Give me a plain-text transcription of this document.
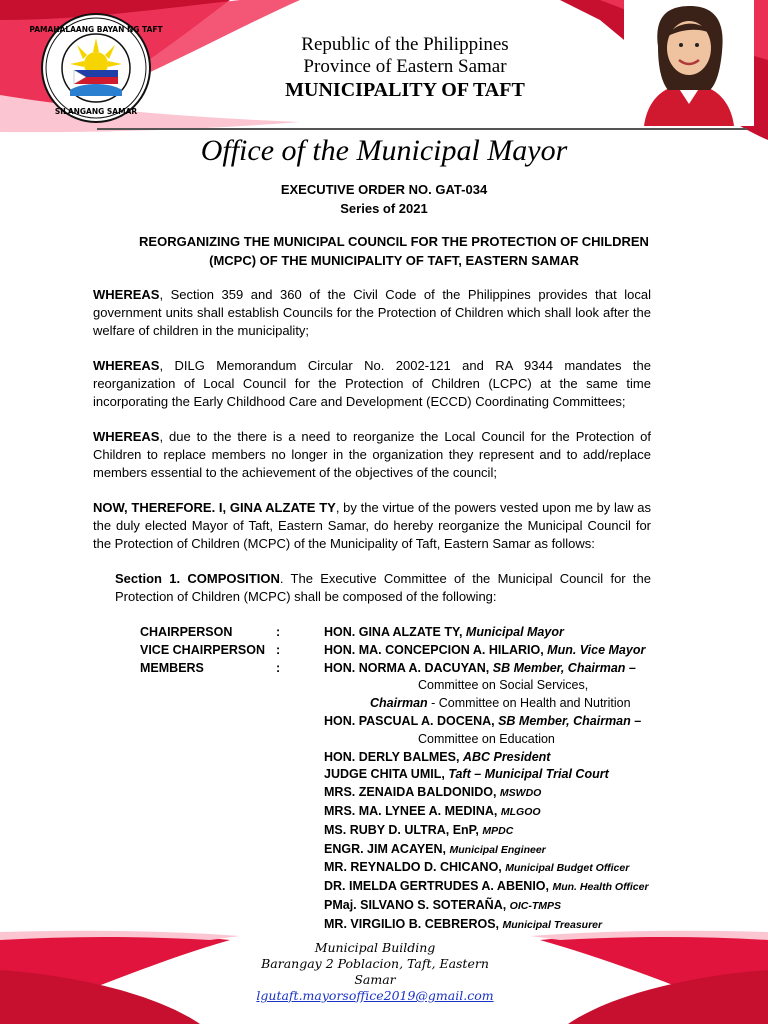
PAMAHALAANG BAYAN NG TAFT
SILANGANG SAMAR
Republic of the Philippines
Province of Eastern Samar
MUNICIPALITY OF TAFT
Office of the Municipal Mayor
EXECUTIVE ORDER NO. GAT-034
Series of 2021
REORGANIZING THE MUNICIPAL COUNCIL FOR THE PROTECTION OF CHILDREN (MCPC) OF THE MUNICIPALITY OF TAFT, EASTERN SAMAR

WHEREAS, Section 359 and 360 of the Civil Code of the Philippines provides that local government units shall establish Councils for the Protection of Children which shall look after the welfare of children in the municipality;

WHEREAS, DILG Memorandum Circular No. 2002-121 and RA 9344 mandates the reorganization of Local Council for the Protection of Children (LCPC) at the same time incorporating the Early Childhood Care and Development (ECCD) Coordinating Committees;

WHEREAS, due to the there is a need to reorganize the Local Council for the Protection of Children to replace members no longer in the organization they represent and to add/replace members essential to the achievement of the objectives of the council;

NOW, THEREFORE. I, GINA ALZATE TY, by the virtue of the powers vested upon me by law as the duly elected Mayor of Taft, Eastern Samar, do hereby reorganize the Municipal Council for the Protection of Children (MCPC) of the Municipality of Taft, Eastern Samar as follows:

Section 1. COMPOSITION. The Executive Committee of the Municipal Council for the Protection of Children (MCPC) shall be composed of the following:

CHAIRPERSON	:	HON. GINA ALZATE TY, Municipal Mayor
VICE CHAIRPERSON :	HON. MA. CONCEPCION A. HILARIO, Mun. Vice Mayor
MEMBERS	:	HON. NORMA A. DACUYAN, SB Member, Chairman –
Committee on Social Services,
Chairman - Committee on Health and Nutrition
HON. PASCUAL A. DOCENA, SB Member, Chairman –
Committee on Education
HON. DERLY BALMES, ABC President
JUDGE CHITA UMIL, Taft – Municipal Trial Court
MRS. ZENAIDA BALDONIDO, MSWDO
MRS. MA. LYNEE A. MEDINA, MLGOO
MS. RUBY D. ULTRA, EnP, MPDC
ENGR. JIM ACAYEN, Municipal Engineer
MR. REYNALDO D. CHICANO, Municipal Budget Officer
DR. IMELDA GERTRUDES A. ABENIO, Mun. Health Officer
PMaj. SILVANO S. SOTERAÑA, OIC-TMPS
MR. VIRGILIO B. CEBREROS, Municipal Treasurer
Municipal Building
Barangay 2 Poblacion, Taft, Eastern
Samar
lgutaft.mayorsoffice2019@gmail.com
